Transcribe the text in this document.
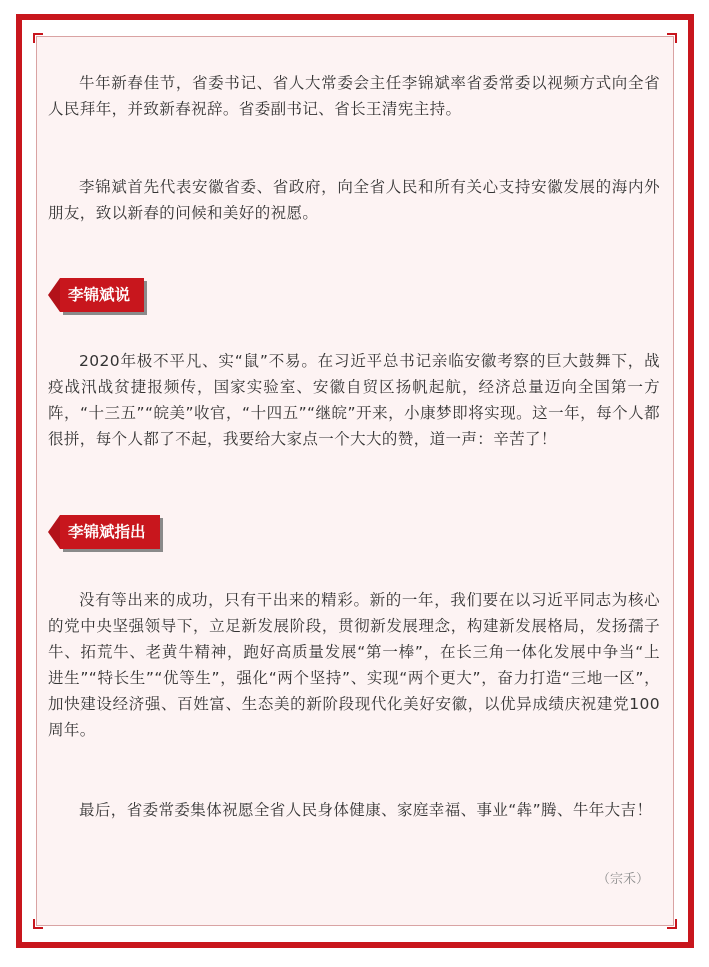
牛年新春佳节，省委书记、省人大常委会主任李锦斌率省委常委以视频方式向全省人民拜年，并致新春祝辞。省委副书记、省长王清宪主持。

李锦斌首先代表安徽省委、省政府，向全省人民和所有关心支持安徽发展的海内外朋友，致以新春的问候和美好的祝愿。

李锦斌说

2020年极不平凡、实“鼠”不易。在习近平总书记亲临安徽考察的巨大鼓舞下，战疫战汛战贫捷报频传，国家实验室、安徽自贸区扬帆起航，经济总量迈向全国第一方阵，“十三五”“皖美”收官，“十四五”“继皖”开来，小康梦即将实现。这一年，每个人都很拼，每个人都了不起，我要给大家点一个大大的赞，道一声：辛苦了！

李锦斌指出

没有等出来的成功，只有干出来的精彩。新的一年，我们要在以习近平同志为核心的党中央坚强领导下，立足新发展阶段，贯彻新发展理念，构建新发展格局，发扬孺子牛、拓荒牛、老黄牛精神，跑好高质量发展“第一棒”，在长三角一体化发展中争当“上进生”“特长生”“优等生”，强化“两个坚持”、实现“两个更大”，奋力打造“三地一区”，加快建设经济强、百姓富、生态美的新阶段现代化美好安徽，以优异成绩庆祝建党100周年。

最后，省委常委集体祝愿全省人民身体健康、家庭幸福、事业“犇”腾、牛年大吉！

（宗禾）
